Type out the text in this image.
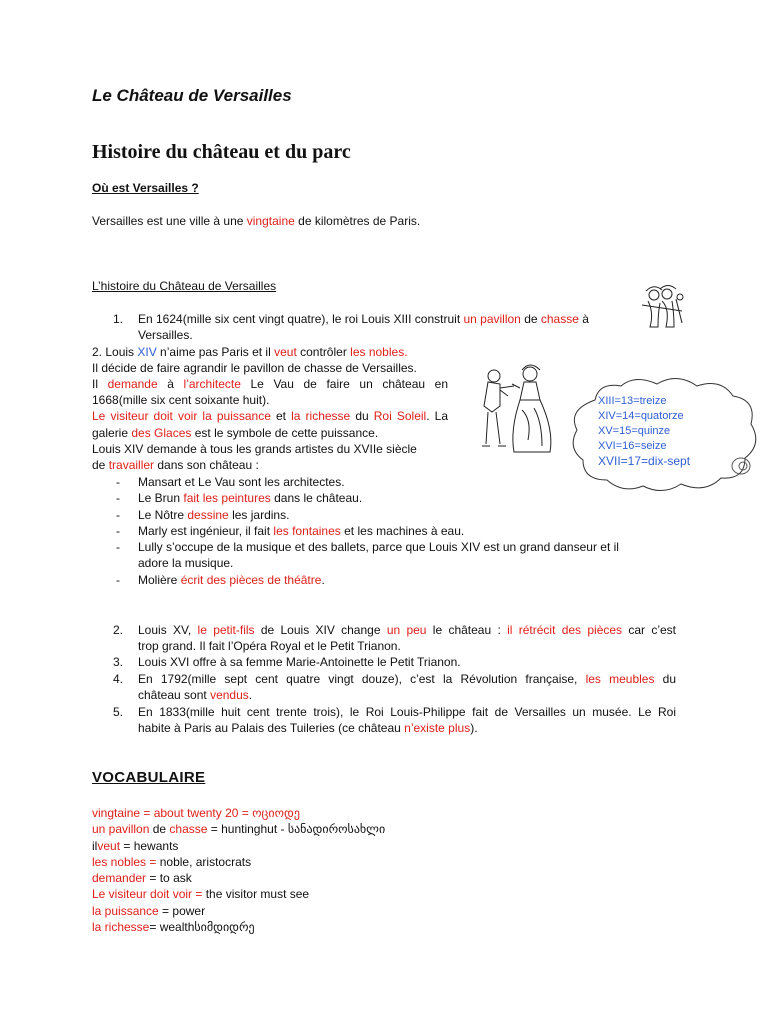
Le Château de Versailles
Histoire du château et du parc
Où est Versailles ?
Versailles est une ville à une vingtaine de kilomètres de Paris.
L’histoire du Château de Versailles
1.	En 1624(mille six cent vingt quatre), le roi Louis XIII construit un pavillon de chasse à
Versailles.
2. Louis XIV n’aime pas Paris et il veut contrôler les nobles.
Il décide de faire agrandir le pavillon de chasse de Versailles.
Il demande à l’architecte Le Vau de faire un château en
1668(mille six cent soixante huit).
Le visiteur doit voir la puissance et la richesse du Roi Soleil. La
galerie des Glaces est le symbole de cette puissance.
Louis XIV demande à tous les grands artistes du XVIIe siècle
de travailler dans son château :
-	Mansart et Le Vau sont les architectes.
-	Le Brun fait les peintures dans le château.
-	Le Nôtre dessine les jardins.
-	Marly est ingénieur, il fait les fontaines et les machines à eau.
-	Lully s’occupe de la musique et des ballets, parce que Louis XIV est un grand danseur et il
adore la musique.
-	Molière écrit des pièces de théâtre.
2.	Louis XV, le petit-fils de Louis XIV change un peu le château : il rétrécit des pièces car c’est
trop grand. Il fait l’Opéra Royal et le Petit Trianon.
3.	Louis XVI offre à sa femme Marie-Antoinette le Petit Trianon.
4.	En 1792(mille sept cent quatre vingt douze), c’est la Révolution française, les meubles du
château sont vendus.
5.	En 1833(mille huit cent trente trois), le Roi Louis-Philippe fait de Versailles un musée. Le Roi
habite à Paris au Palais des Tuileries (ce château n’existe plus).
VOCABULAIRE
vingtaine = about twenty 20 = ოციოდე
un pavillon de chasse = huntinghut - სანადიროსახლი
ilveut = hewants
les nobles = noble, aristocrats
demander = to ask
Le visiteur doit voir = the visitor must see
la puissance = power
la richesse= wealthსიმდიდრე
XIII=13=treize
XIV=14=quatorze
XV=15=quinze
XVI=16=seize
XVII=17=dix-sept
